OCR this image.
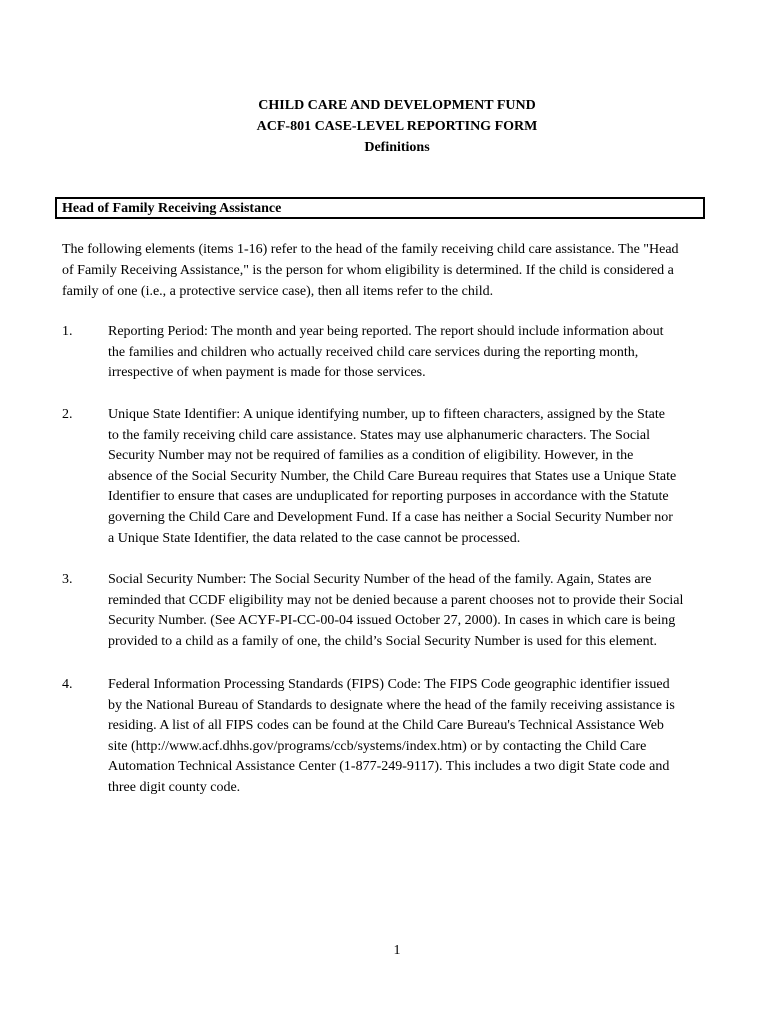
CHILD CARE AND DEVELOPMENT FUND
ACF-801 CASE-LEVEL REPORTING FORM
Definitions
Head of Family Receiving Assistance
The following elements (items 1-16) refer to the head of the family receiving child care assistance. The "Head
of Family Receiving Assistance," is the person for whom eligibility is determined. If the child is considered a
family of one (i.e., a protective service case), then all items refer to the child.
1.	Reporting Period: The month and year being reported. The report should include information about
the families and children who actually received child care services during the reporting month,
irrespective of when payment is made for those services.
2.	Unique State Identifier: A unique identifying number, up to fifteen characters, assigned by the State
to the family receiving child care assistance. States may use alphanumeric characters. The Social
Security Number may not be required of families as a condition of eligibility. However, in the
absence of the Social Security Number, the Child Care Bureau requires that States use a Unique State
Identifier to ensure that cases are unduplicated for reporting purposes in accordance with the Statute
governing the Child Care and Development Fund. If a case has neither a Social Security Number nor
a Unique State Identifier, the data related to the case cannot be processed.
3.	Social Security Number: The Social Security Number of the head of the family. Again, States are
reminded that CCDF eligibility may not be denied because a parent chooses not to provide their Social
Security Number. (See ACYF-PI-CC-00-04 issued October 27, 2000). In cases in which care is being
provided to a child as a family of one, the child’s Social Security Number is used for this element.
4.	Federal Information Processing Standards (FIPS) Code: The FIPS Code geographic identifier issued
by the National Bureau of Standards to designate where the head of the family receiving assistance is
residing. A list of all FIPS codes can be found at the Child Care Bureau's Technical Assistance Web
site (http://www.acf.dhhs.gov/programs/ccb/systems/index.htm) or by contacting the Child Care
Automation Technical Assistance Center (1-877-249-9117). This includes a two digit State code and
three digit county code.
1
